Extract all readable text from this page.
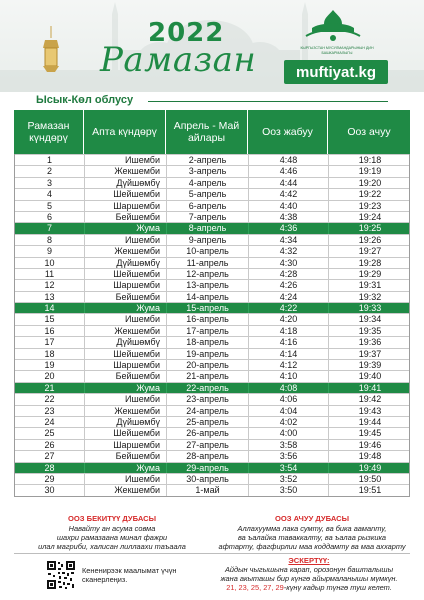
2022
Рамазан	КЫРГЫЗСТАН МУСУЛМАНДАРЫНЫН ДИН БАШКАРМАЛЫГЫ
muftiyat.kg
Ысык-Көл облусу
Рамазан күндөрү	Апта күндөрү	Апрель - Май айлары	Ооз жабуу	Ооз ачуу
1	Ишемби	2-апрель	4:48	19:18
2	Жекшемби	3-апрель	4:46	19:19
3	Дүйшөмбү	4-апрель	4:44	19:20
4	Шейшемби	5-апрель	4:42	19:22
5	Шаршемби	6-апрель	4:40	19:23
6	Бейшемби	7-апрель	4:38	19:24
7	Жума	8-апрель	4:36	19:25
8	Ишемби	9-апрель	4:34	19:26
9	Жекшемби	10-апрель	4:32	19:27
10	Дүйшөмбү	11-апрель	4:30	19:28
11	Шейшемби	12-апрель	4:28	19:29
12	Шаршемби	13-апрель	4:26	19:31
13	Бейшемби	14-апрель	4:24	19:32
14	Жума	15-апрель	4:22	19:33
15	Ишемби	16-апрель	4:20	19:34
16	Жекшемби	17-апрель	4:18	19:35
17	Дүйшөмбү	18-апрель	4:16	19:36
18	Шейшемби	19-апрель	4:14	19:37
19	Шаршемби	20-апрель	4:12	19:39
20	Бейшемби	21-апрель	4:10	19:40
21	Жума	22-апрель	4:08	19:41
22	Ишемби	23-апрель	4:06	19:42
23	Жекшемби	24-апрель	4:04	19:43
24	Дүйшөмбү	25-апрель	4:02	19:44
25	Шейшемби	26-апрель	4:00	19:45
26	Шаршемби	27-апрель	3:58	19:46
27	Бейшемби	28-апрель	3:56	19:48
28	Жума	29-апрель	3:54	19:49
29	Ишемби	30-апрель	3:52	19:50
30	Жекшемби	1-май	3:50	19:51
ООЗ БЕКИТҮҮ ДУБАСЫ
Навайту ан асума совма
шахри рамазаана минал фажри
илал магриби, халисан лиллаахи таъаала
ООЗ АЧУУ ДУБАСЫ
Аллахуумма лака сумту, ва бика аамanту,
ва ъалайка таваккалту, ва ъалаа рызкика
афтарту, фагфирлии маа коддамту ва маа аххарту
Кененирээк маалымат үчүн сканерлеңиз.
ЭСКЕРТҮҮ:
Айдын чыгышына карап, орозонун башталышы
жана акыташы бир күнгө айырмаланышы мүмкүн.
21, 23, 25, 27, 29-күнү кадыр түнгө туш келет.
